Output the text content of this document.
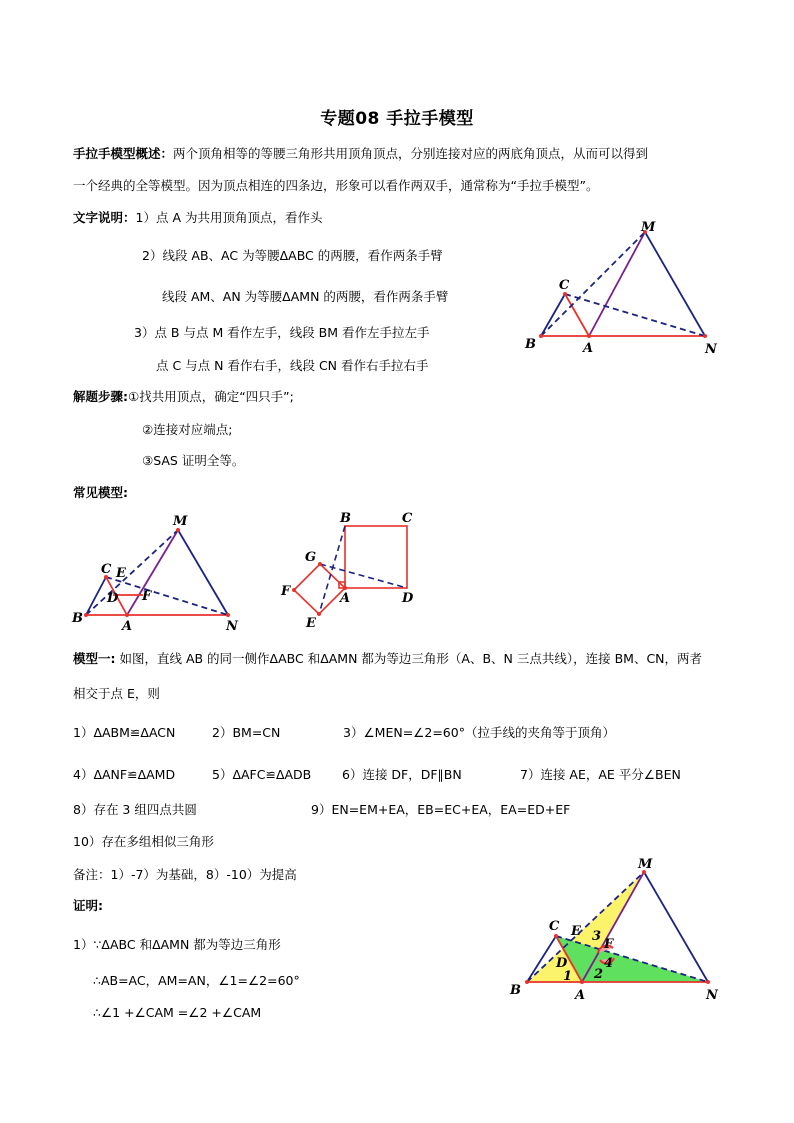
专题08 手拉手模型
手拉手模型概述：两个顶角相等的等腰三角形共用顶角顶点，分别连接对应的两底角顶点，从而可以得到
一个经典的全等模型。因为顶点相连的四条边，形象可以看作两双手，通常称为“手拉手模型”。
文字说明：1）点 A 为共用顶角顶点，看作头
2）线段 AB、AC 为等腰ΔABC 的两腰，看作两条手臂
线段 AM、AN 为等腰ΔAMN 的两腰，看作两条手臂
3）点 B 与点 M 看作左手，线段 BM 看作左手拉左手
点 C 与点 N 看作右手，线段 CN 看作右手拉右手
解题步骤:①找共用顶点，确定“四只手”;
②连接对应端点;
③SAS 证明全等。
常见模型:
M
C
B	A	N
M
C E
D F
B
A	N
B	C
G
F	A	D
E
模型一: 如图，直线 AB 的同一侧作ΔABC 和ΔAMN 都为等边三角形（A、B、N 三点共线），连接 BM、CN，两者
相交于点 E，则
1）ΔABM≌ΔACN	2）BM=CN	3）∠MEN=∠2=60°（拉手线的夹角等于顶角）
4）ΔANF≌ΔAMD	5）ΔAFC≌ΔADB 6）连接 DF，DF∥BN	7）连接 AE，AE 平分∠BEN
8）存在 3 组四点共圆	9）EN=EM+EA，EB=EC+EA，EA=ED+EF
10）存在多组相似三角形
备注：1）-7）为基础，8）-10）为提高
证明:
1）∵ΔABC 和ΔAMN 都为等边三角形
∴AB=AC，AM=AN，∠1=∠2=60°
∴∠1 +∠CAM =∠2 +∠CAM
M
C E
D
F
3
4
1 2
B	A	N
